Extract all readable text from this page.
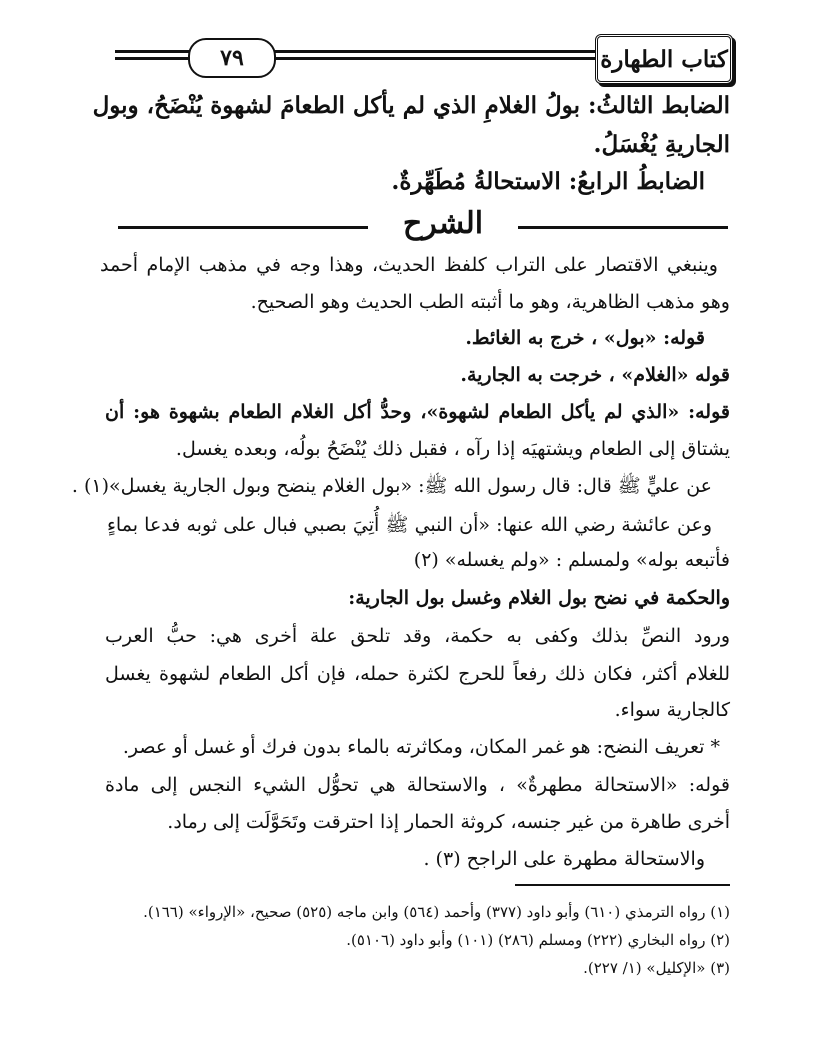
٧٩	كتاب الطهارة
الضابط الثالثُ: بولُ الغلامِ الذي لم يأكل الطعامَ لشهوة يُنْضَحُ، وبول
الجاريةِ يُغْسَلُ.
الضابطُ الرابعُ: الاستحالةُ مُطَهِّرةٌ.
الشرح
وينبغي الاقتصار على التراب كلفظ الحديث، وهذا وجه في مذهب الإمام أحمد
وهو مذهب الظاهرية، وهو ما أثبته الطب الحديث وهو الصحيح.
قوله: «بول» ، خرج به الغائط.
قوله «الغلام» ، خرجت به الجارية.
قوله: «الذي لم يأكل الطعام لشهوة»، وحدُّ أكل الغلام الطعام بشهوة هو: أن
يشتاق إلى الطعام ويشتهيَه إذا رآه ، فقبل ذلك يُنْضَحُ بولُه، وبعده يغسل.
عن عليٍّ ﷺ قال: قال رسول الله ﷺ: «بول الغلام ينضح وبول الجارية يغسل»(١) .
وعن عائشة رضي الله عنها: «أن النبي ﷺ أُتِيَ بصبي فبال على ثوبه فدعا بماءٍ
فأتبعه بوله» ولمسلم : «ولم يغسله» (٢)
والحكمة في نضح بول الغلام وغسل بول الجارية:
ورود النصِّ بذلك وكفى به حكمة، وقد تلحق علة أخرى هي: حبُّ العرب
للغلام أكثر، فكان ذلك رفعاً للحرج لكثرة حمله، فإن أكل الطعام لشهوة يغسل
كالجارية سواء.
* تعريف النضح: هو غمر المكان، ومكاثرته بالماء بدون فرك أو غسل أو عصر.
قوله: «الاستحالة مطهرةٌ» ، والاستحالة هي تحوُّل الشيء النجس إلى مادة
أخرى طاهرة من غير جنسه، كروثة الحمار إذا احترقت وتَحَوَّلَت إلى رماد.
والاستحالة مطهرة على الراجح (٣) .
(١) رواه الترمذي (٦١٠) وأبو داود (٣٧٧) وأحمد (٥٦٤) وابن ماجه (٥٢٥) صحيح، «الإرواء» (١٦٦).
(٢) رواه البخاري (٢٢٢) ومسلم (٢٨٦) (١٠١) وأبو داود (٥١٠٦).
(٣) «الإكليل» (١/ ٢٢٧).
